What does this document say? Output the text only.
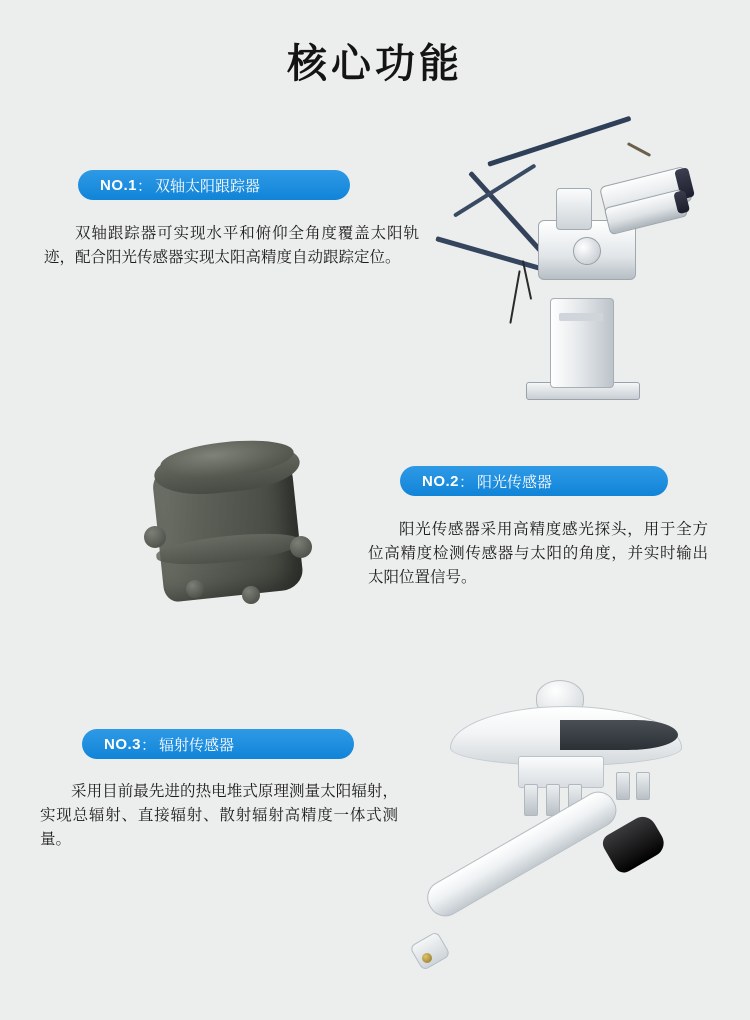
核心功能
NO.1 ： 双轴太阳跟踪器

双轴跟踪器可实现水平和俯仰全角度覆盖太阳轨迹，配合阳光传感器实现太阳高精度自动跟踪定位。

NO.2 ： 阳光传感器

阳光传感器采用高精度感光探头，用于全方位高精度检测传感器与太阳的角度，并实时输出太阳位置信号。

NO.3 ： 辐射传感器

采用目前最先进的热电堆式原理测量太阳辐射，实现总辐射、直接辐射、散射辐射高精度一体式测量。
